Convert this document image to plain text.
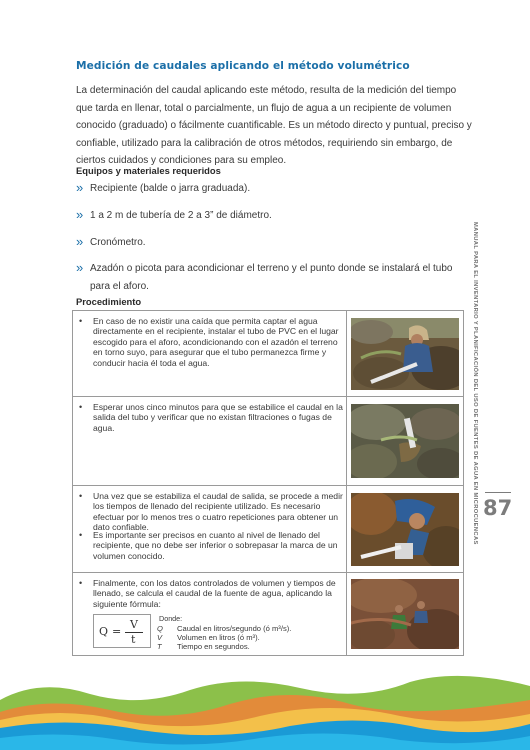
Medición de caudales aplicando el método volumétrico

La determinación del caudal aplicando este método, resulta de la medición del tiempo que tarda en llenar, total o parcialmente, un flujo de agua a un recipiente de volumen conocido (graduado) o fácilmente cuantificable. Es un método directo y puntual, preciso y confiable, utilizado para la calibración de otros métodos, requiriendo sin embargo, de ciertos cuidados y condiciones para su empleo.

Equipos y materiales requeridos
» Recipiente (balde o jarra graduada).
» 1 a 2 m de tubería de 2 a 3” de diámetro.
» Cronómetro.
» Azadón o picota para acondicionar el terreno y el punto donde se instalará el tubo para el aforo.
Procedimiento
• En caso de no existir una caída que permita captar el agua directamente en el recipiente, instalar el tubo de PVC en el lugar escogido para el aforo, acondicionando con el azadón el terreno en torno suyo, para asegurar que el tubo permanezca firme y conducir hacia él toda el agua.
• Esperar unos cinco minutos para que se estabilice el caudal en la salida del tubo y verificar que no existan filtraciones o fugas de agua.
• Una vez que se estabiliza el caudal de salida, se procede a medir los tiempos de llenado del recipiente utilizado. Es necesario efectuar por lo menos tres o cuatro repeticiones para obtener un dato confiable.
• Es importante ser precisos en cuanto al nivel de llenado del recipiente, que no debe ser inferior o sobrepasar la marca de un volumen conocido.
• Finalmente, con los datos controlados de volumen y tiempos de llenado, se calcula el caudal de la fuente de agua, aplicando la siguiente fórmula:
Q =
V
t
Donde:
Q Caudal en litros/segundo (ó m³/s).
V Volumen en litros (ó m³).
T Tiempo en segundos.
MANUAL PARA EL INVENTARIO Y PLANIFICACIÓN DEL USO DE FUENTES DE AGUA EN MICROCUENCAS 87
